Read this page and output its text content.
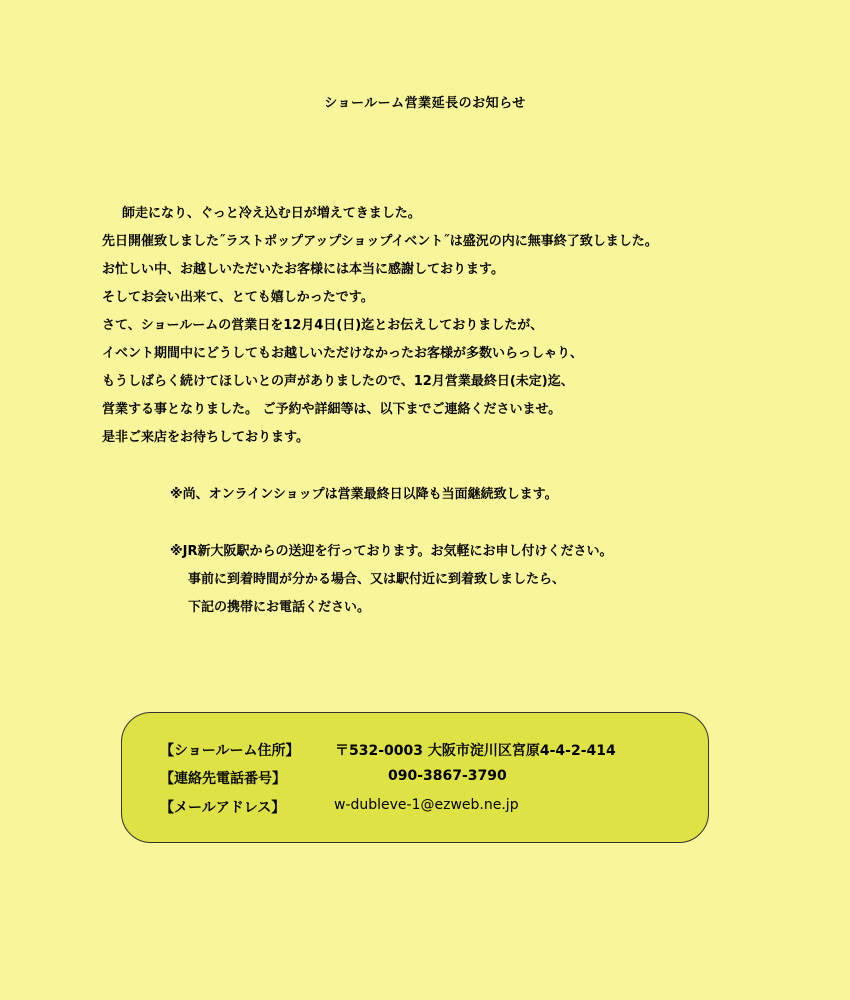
ショールーム営業延長のお知らせ
師走になり、ぐっと冷え込む日が増えてきました。
先日開催致しました˝ラストポップアップショップイベント˝は盛況の内に無事終了致しました。
お忙しい中、お越しいただいたお客様には本当に感謝しております。
そしてお会い出来て、とても嬉しかったです。
さて、ショールームの営業日を12月4日(日)迄とお伝えしておりましたが、
イベント期間中にどうしてもお越しいただけなかったお客様が多数いらっしゃり、
もうしばらく続けてほしいとの声がありましたので、12月営業最終日(未定)迄、
営業する事となりました。 ご予約や詳細等は、以下までご連絡くださいませ。
是非ご来店をお待ちしております。
※尚、オンラインショップは営業最終日以降も当面継続致します。
※JR新大阪駅からの送迎を行っております。お気軽にお申し付けください。
事前に到着時間が分かる場合、又は駅付近に到着致しましたら、
下記の携帯にお電話ください。
【ショールーム住所】	〒532-0003 大阪市淀川区宮原4-4-2-414
【連絡先電話番号】	090-3867-3790
【メールアドレス】	w-dubleve-1@ezweb.ne.jp
